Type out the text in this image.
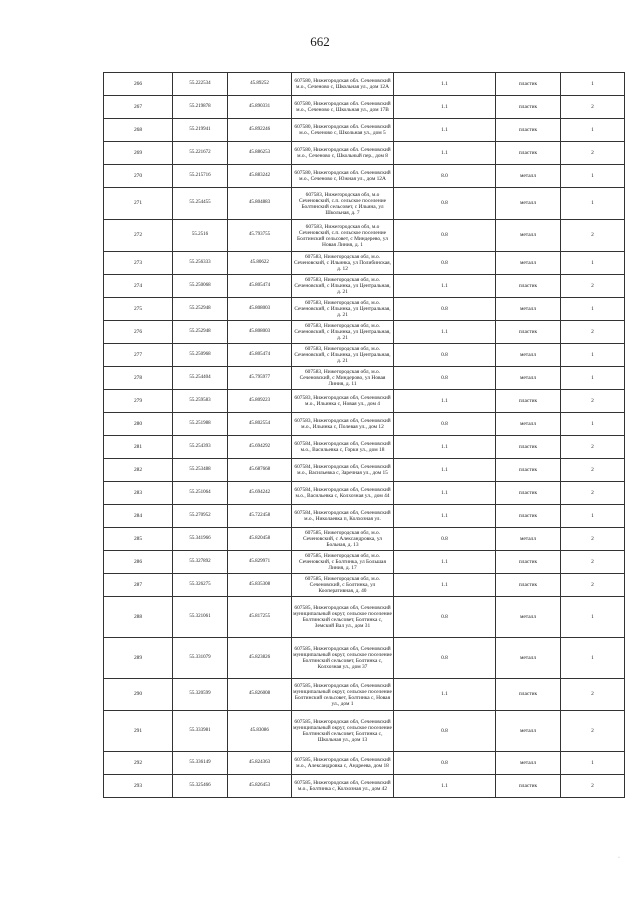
662
266	55.222534	45.89252	607580, Нижегородская обл. Сеченовский м.о., Сеченово с, Школьная ул., дом 12А	1.1	пластик	1
267	55.219878	45.890331	607580, Нижегородская обл. Сеченовский м.о., Сеченово с, Школьная ул., дом 17В	1.1	пластик	2
268	55.219941	45.892246	607580, Нижегородская обл. Сеченовский м.о., Сеченово с, Школьная ул., дом 5	1.1	пластик	1
269	55.221672	45.886253	607580, Нижегородская обл. Сеченовский м.о., Сеченово с, Школьный пер., дом 8	1.1	пластик	2
270	55.215716	45.883242	607580, Нижегородская обл. Сеченовский м.о., Сеченово с, Южная ул., дом 12А	8.0	металл	1
271	55.254455	45.804883	607583, Нижегородская обл, м.о Сеченовский, с.п. сельское поселение Болтинский сельсовет, с Ильина, ул Школьная, д. 7	0.8	металл	1
272	55.2516	45.793755	607583, Нижегородская обл, м.о Сеченовский, с.п. сельское поселение Болтинский сельсовет, с Миндерево, ул Новая Линия, д. 1	0.8	металл	2
273	55.256333	45.80622	607583, Нижегородская обл, м.о. Сеченовский, с Ильинка, ул Полибинская, д. 12	0.8	металл	1
274	55.250068	45.805474	607583, Нижегородская обл, м.о. Сеченовский, с Ильинка, ул Центральная, д. 21	1.1	пластик	2
275	55.252948	45.808003	607583, Нижегородская обл, м.о. Сеченовский, с Ильинка, ул Центральная, д. 21	0.8	металл	1
276	55.252948	45.808003	607583, Нижегородская обл, м.о. Сеченовский, с Ильинка, ул Центральная, д. 21	1.1	пластик	2
277	55.250968	45.805474	607583, Нижегородская обл, м.о. Сеченовский, с Ильинка, ул Центральная, д. 21	0.8	металл	1
278	55.254404	45.795977	607583, Нижегородская обл, м.о. Сеченовский, с Миндерово, ул Новая Линия, д. 11	0.8	металл	1
279	55.259583	45.809223	607583, Нижегородская обл, Сеченовский м.о., Ильинка с, Новая ул., дом 4	1.1	пластик	2
280	55.251988	45.802554	607583, Нижегородская обл, Сеченовский м.о., Ильинка с, Полевая ул., дом 12	0.8	металл	1
281	55.254393	45.694292	607584, Нижегородская обл, Сеченовский м.о., Васильевка с, Горки ул., дом 18	1.1	пластик	2
282	55.253488	45.687668	607584, Нижегородская обл, Сеченовский м.о., Васильевка с, Заречная ул., дом 15	1.1	пластик	2
283	55.251064	45.694242	607584, Нижегородская обл, Сеченовский м.о., Васильевка с, Колхозная ул., дом 44	1.1	пластик	2
284	55.270952	45.722458	607584, Нижегородская обл, Сеченовский м.о., Николаевка п, Колхозная ул.	1.1	пластик	1
285	55.341966	45.820458	607585, Нижегородская обл, м.о. Сеченовский, с Александровка, ул Больная, д. 13	0.8	металл	2
286	55.327892	45.829971	607585, Нижегородская обл, м.о. Сеченовский, с Болтинка, ул Большая Линия, д. 17	1.1	пластик	2
287	55.326275	45.835308	607585, Нижегородская обл, м.о. Сеченовский, с Болтинка, ул Кооперативная, д. 40	1.1	пластик	2
288	55.321061	45.817255	607585, Нижегородская обл, Сеченовский муниципальный округ, сельское поселение Болтинский сельсовет, Болтинка с, Земский Вал ул., дом 31	0.8	металл	1
289	55.331079	45.823826	607585, Нижегородская обл, Сеченовский муниципальный округ, сельское поселение Болтинский сельсовет, Болтинка с, Колхозная ул., дом 37	0.8	металл	1
290	55.320599	45.826008	607585, Нижегородская обл, Сеченовский муниципальный округ, сельское поселение Болтинский сельсовет, Болтинка с, Новая ул., дом 1	1.1	пластик	2
291	55.333981	45.83086	607585, Нижегородская обл, Сеченовский муниципальный округ, сельское поселение Болтинский сельсовет, Болтинка с, Школьная ул., дом 13	0.8	металл	2
292	55.336149	45.824363	607585, Нижегородская обл, Сеченовский м.о., Александровка с, Андреева, дом 18	0.8	металл	1
293	55.325466	45.826453	607585, Нижегородская обл, Сеченовский м.о., Болтинка с, Колхозная ул., дом 42	1.1	пластик	2
·
